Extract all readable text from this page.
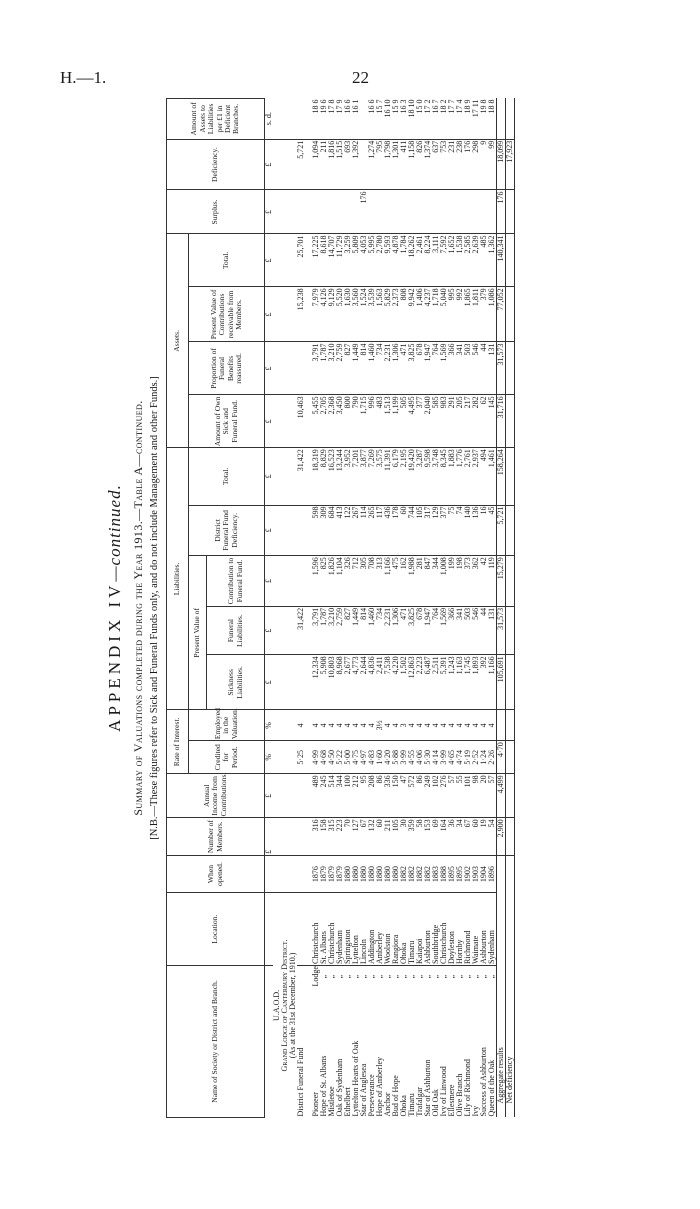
H.—1.	22
APPENDIX IV—continued. Summary of Valuations completed during the Year 1913.—Table A—continued. [N.B.—These figures refer to Sick and Funeral Funds only, and do not include Management and other Funds.]
Name of Society or District and Branch.		Location.	When opened.	Number of Members.	Annual Income from Contributions.	Rate of Interest.		Liabilities.					Assets.				Surplus.	Deficiency.	Amount of Assets to Liabilities per £1 in Deficient Branches.
						Credited for Period.	Employed in the Valuation.	Present Value of			District Funeral Fund Deficiency.	Total.	Amount of Own Sick and Funeral Fund.	Proportion of Funeral Benefits reassured.	Present Value of Contributions receivable from Members.	Total.			
								Sickness Liabilities.	Funeral Liabilities.	Contribution to Funeral Fund.									
				£	£	%	%	£	£	£	£	£	£	£	£	£	£	£	s. d.
U.A.O.D.																			
Grand Lodge of Canterbury District.																			
(As at the 31st December, 1910.)																			
District Funeral Fund						5·25	4		31,422			31,422	10,463		15,238	25,701		5,721	

Pioneer	Lodge	Christchurch	1876	316	489	4·99	4	12,334	3,791	1,596	598	18,319	5,455	3,791	7,979	17,225		1,094	18 6
Hope of St. Albans	„	St. Albans	1879	158	245	4·68	4	5,908	1,787	825	309	8,829	2,705	1,787	4,126	8,618		211	19 6
Mistletoe	„	Christchurch	1879	315	514	4·50	4	10,803	3,210	1,826	684	16,523	2,368	3,210	9,129	14,707		1,816	17 8
Oak of Sydenham	„	Sydenham	1879	223	344	5·22	4	8,968	2,759	1,104	413	13,244	3,450	2,759	5,520	11,729		1,515	17 9
Ethelbert	„	Springston	1880	70	100	5·00	4	2,677	827	326	122	3,952	800	827	1,630	3,259		693	16 6
Lyttelton Hearts of Oak	„	Lyttelton	1880	127	212	4·75	4	4,773	1,449	712	267	7,201	790	1,449	3,560	5,809		1,392	16 1
Star of Anglesea	„	Lincoln	1880	67	95	4·97	4	2,644	814	305	114	3,877	1,715	814	1,524	4,053	176		
Perseverance	„	Addington	1880	132	208	4·83	4	4,836	1,460	708	265	7,269	996	1,460	3,539	5,995		1,274	16 6
Hope of Amberley	„	Amberley	1880	60	86	1·60	3½	2,411	734	313	117	3,575	483	734	1,563	2,780		795	15 7
Anchor	„	Woolston	1880	211	336	4·20	4	7,538	2,231	1,166	436	11,391	1,513	2,231	5,829	9,593		1,798	16 10
Bud of Hope	„	Rangiora	1880	105	150	5·88	4	4,220	1,306	475	178	6,179	1,199	1,306	2,373	4,878		1,301	15 9
Ohoka	„	Ohoka	1882	30	47	3·99	3	1,502	471	162	60	2,195	505	471	808	1,784		411	16 3
Timaru	„	Timaru	1882	359	572	4·55	4	12,863	3,825	1,988	744	19,420	4,495	3,825	9,942	18,262		1,158	18 10
Trafalgar	„	Kaiapoi	1882	58	86	4·06	4	2,223	678	281	105	3,287	377	678	1,406	2,461		826	15 0
Star of Ashburton	„	Ashburton	1882	153	249	5·30	4	6,487	1,947	847	317	9,598	2,040	1,947	4,237	8,224		1,374	17 2
Old Oak	„	Southbridge	1883	69	102	4·14	4	2,511	764	344	129	3,748	585	764	1,718	3,111		637	16 7
Ivy of Linwood	„	Christchurch	1888	164	276	3·99	4	5,391	1,569	1,008	377	8,345	983	1,569	5,040	7,592		753	18 2
Ellesmere	„	Doyleston	1895	36	57	4·65	4	1,243	366	199	75	1,883	291	366	995	1,652		231	17 7
Olive Branch	„	Hornby	1895	34	55	4·74	4	1,163	341	198	74	1,776	205	341	992	1,538		238	17 4
Lily of Richmond	„	Richmond	1902	67	101	5·19	4	1,745	503	373	140	2,761	217	503	1,865	2,585		176	18 9
Ivy	„	Waimate	1903	60	98	2·52	4	1,893	546	362	136	2,937	282	546	1,811	2,639		298	17 11
Success of Ashburton	„	Ashburton	1904	19	20	1·24	4	392	44	42	16	494	62	44	379	485		9	19 8
Queen of the Oak	„	Sydenham	1896	54	57	2·26	4	1,166	131	119	45	1,461	145	131	1,086	1,362		99	18 8
Aggregate results				2,900	4,499	4·70		105,691	31,573	15,279	5,721	158,264	31,716	31,573	77,052	140,341	176	18,099	
Net deficiency																		17,923	
